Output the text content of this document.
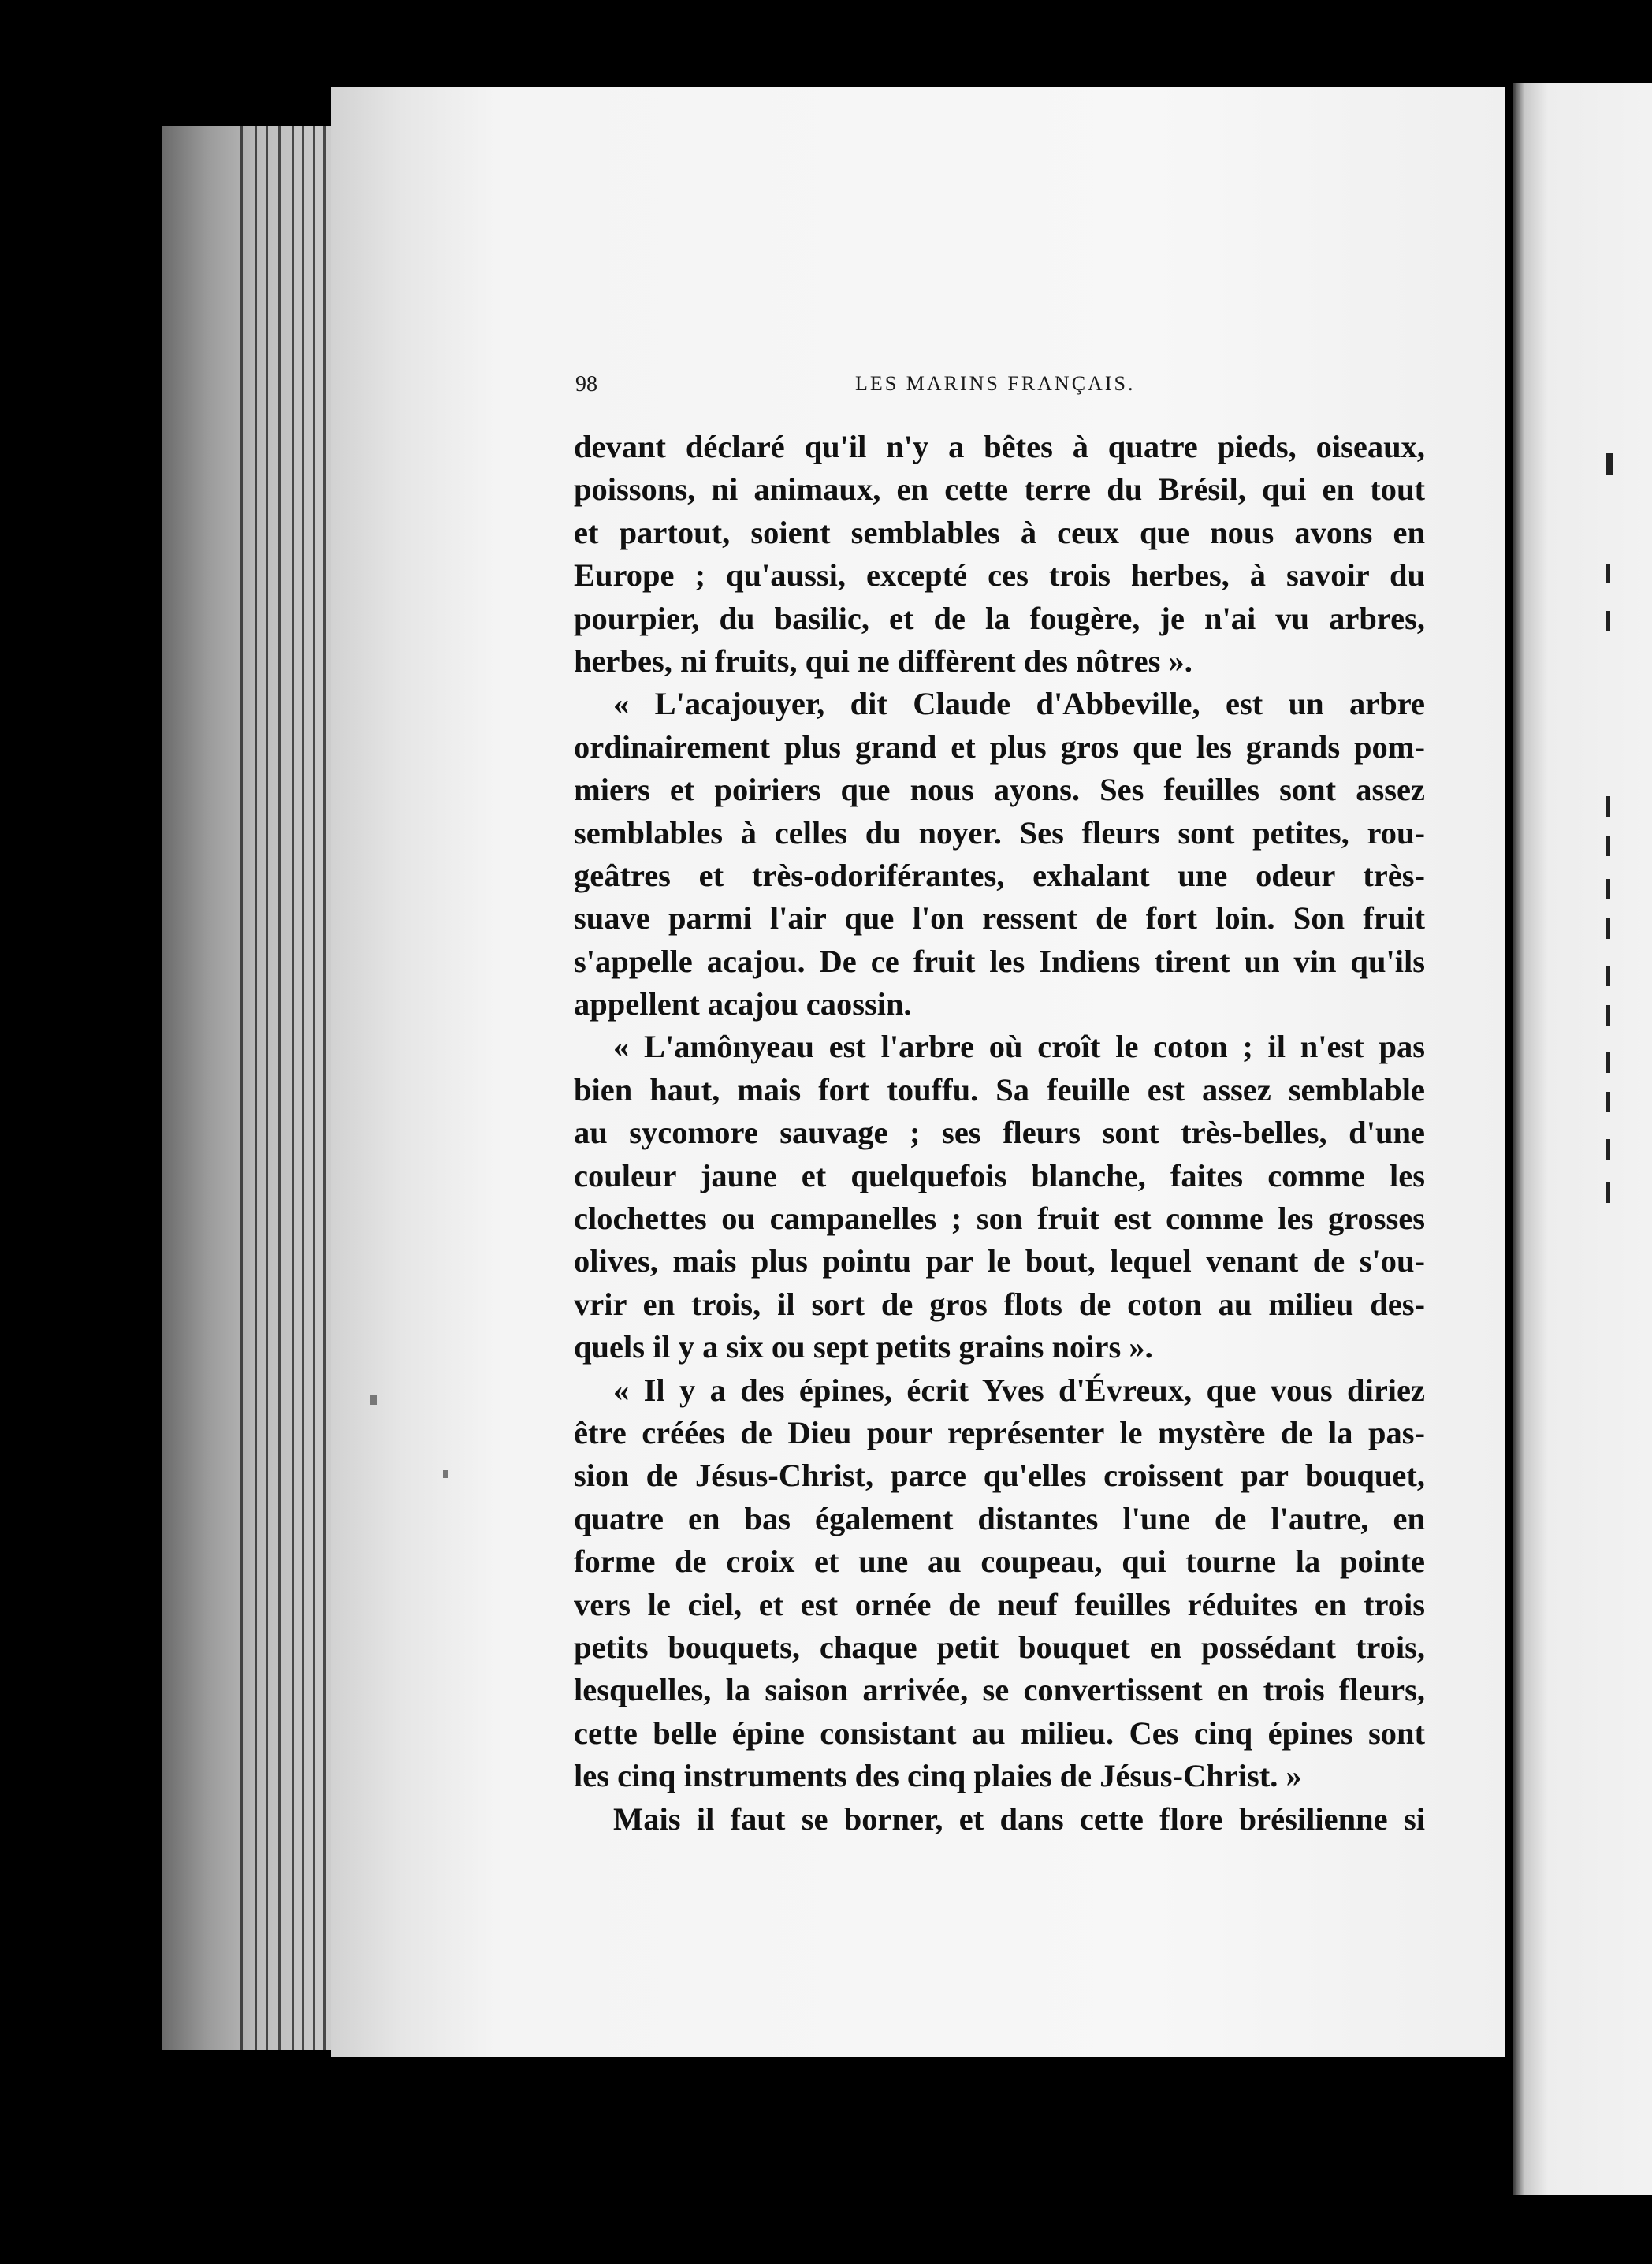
98	LES MARINS FRANÇAIS.
devant déclaré qu'il n'y a bêtes à quatre pieds, oiseaux,
poissons, ni animaux, en cette terre du Brésil, qui en tout
et partout, soient semblables à ceux que nous avons en
Europe ; qu'aussi, excepté ces trois herbes, à savoir du
pourpier, du basilic, et de la fougère, je n'ai vu arbres,
herbes, ni fruits, qui ne diffèrent des nôtres ».
« L'acajouyer, dit Claude d'Abbeville, est un arbre
ordinairement plus grand et plus gros que les grands pom-
miers et poiriers que nous ayons. Ses feuilles sont assez
semblables à celles du noyer. Ses fleurs sont petites, rou-
geâtres et très-odoriférantes, exhalant une odeur très-
suave parmi l'air que l'on ressent de fort loin. Son fruit
s'appelle acajou. De ce fruit les Indiens tirent un vin qu'ils
appellent acajou caossin.
« L'amônyeau est l'arbre où croît le coton ; il n'est pas
bien haut, mais fort touffu. Sa feuille est assez semblable
au sycomore sauvage ; ses fleurs sont très-belles, d'une
couleur jaune et quelquefois blanche, faites comme les
clochettes ou campanelles ; son fruit est comme les grosses
olives, mais plus pointu par le bout, lequel venant de s'ou-
vrir en trois, il sort de gros flots de coton au milieu des-
quels il y a six ou sept petits grains noirs ».
« Il y a des épines, écrit Yves d'Évreux, que vous diriez
être créées de Dieu pour représenter le mystère de la pas-
sion de Jésus-Christ, parce qu'elles croissent par bouquet,
quatre en bas également distantes l'une de l'autre, en
forme de croix et une au coupeau, qui tourne la pointe
vers le ciel, et est ornée de neuf feuilles réduites en trois
petits bouquets, chaque petit bouquet en possédant trois,
lesquelles, la saison arrivée, se convertissent en trois fleurs,
cette belle épine consistant au milieu. Ces cinq épines sont
les cinq instruments des cinq plaies de Jésus-Christ. »
Mais il faut se borner, et dans cette flore brésilienne si
